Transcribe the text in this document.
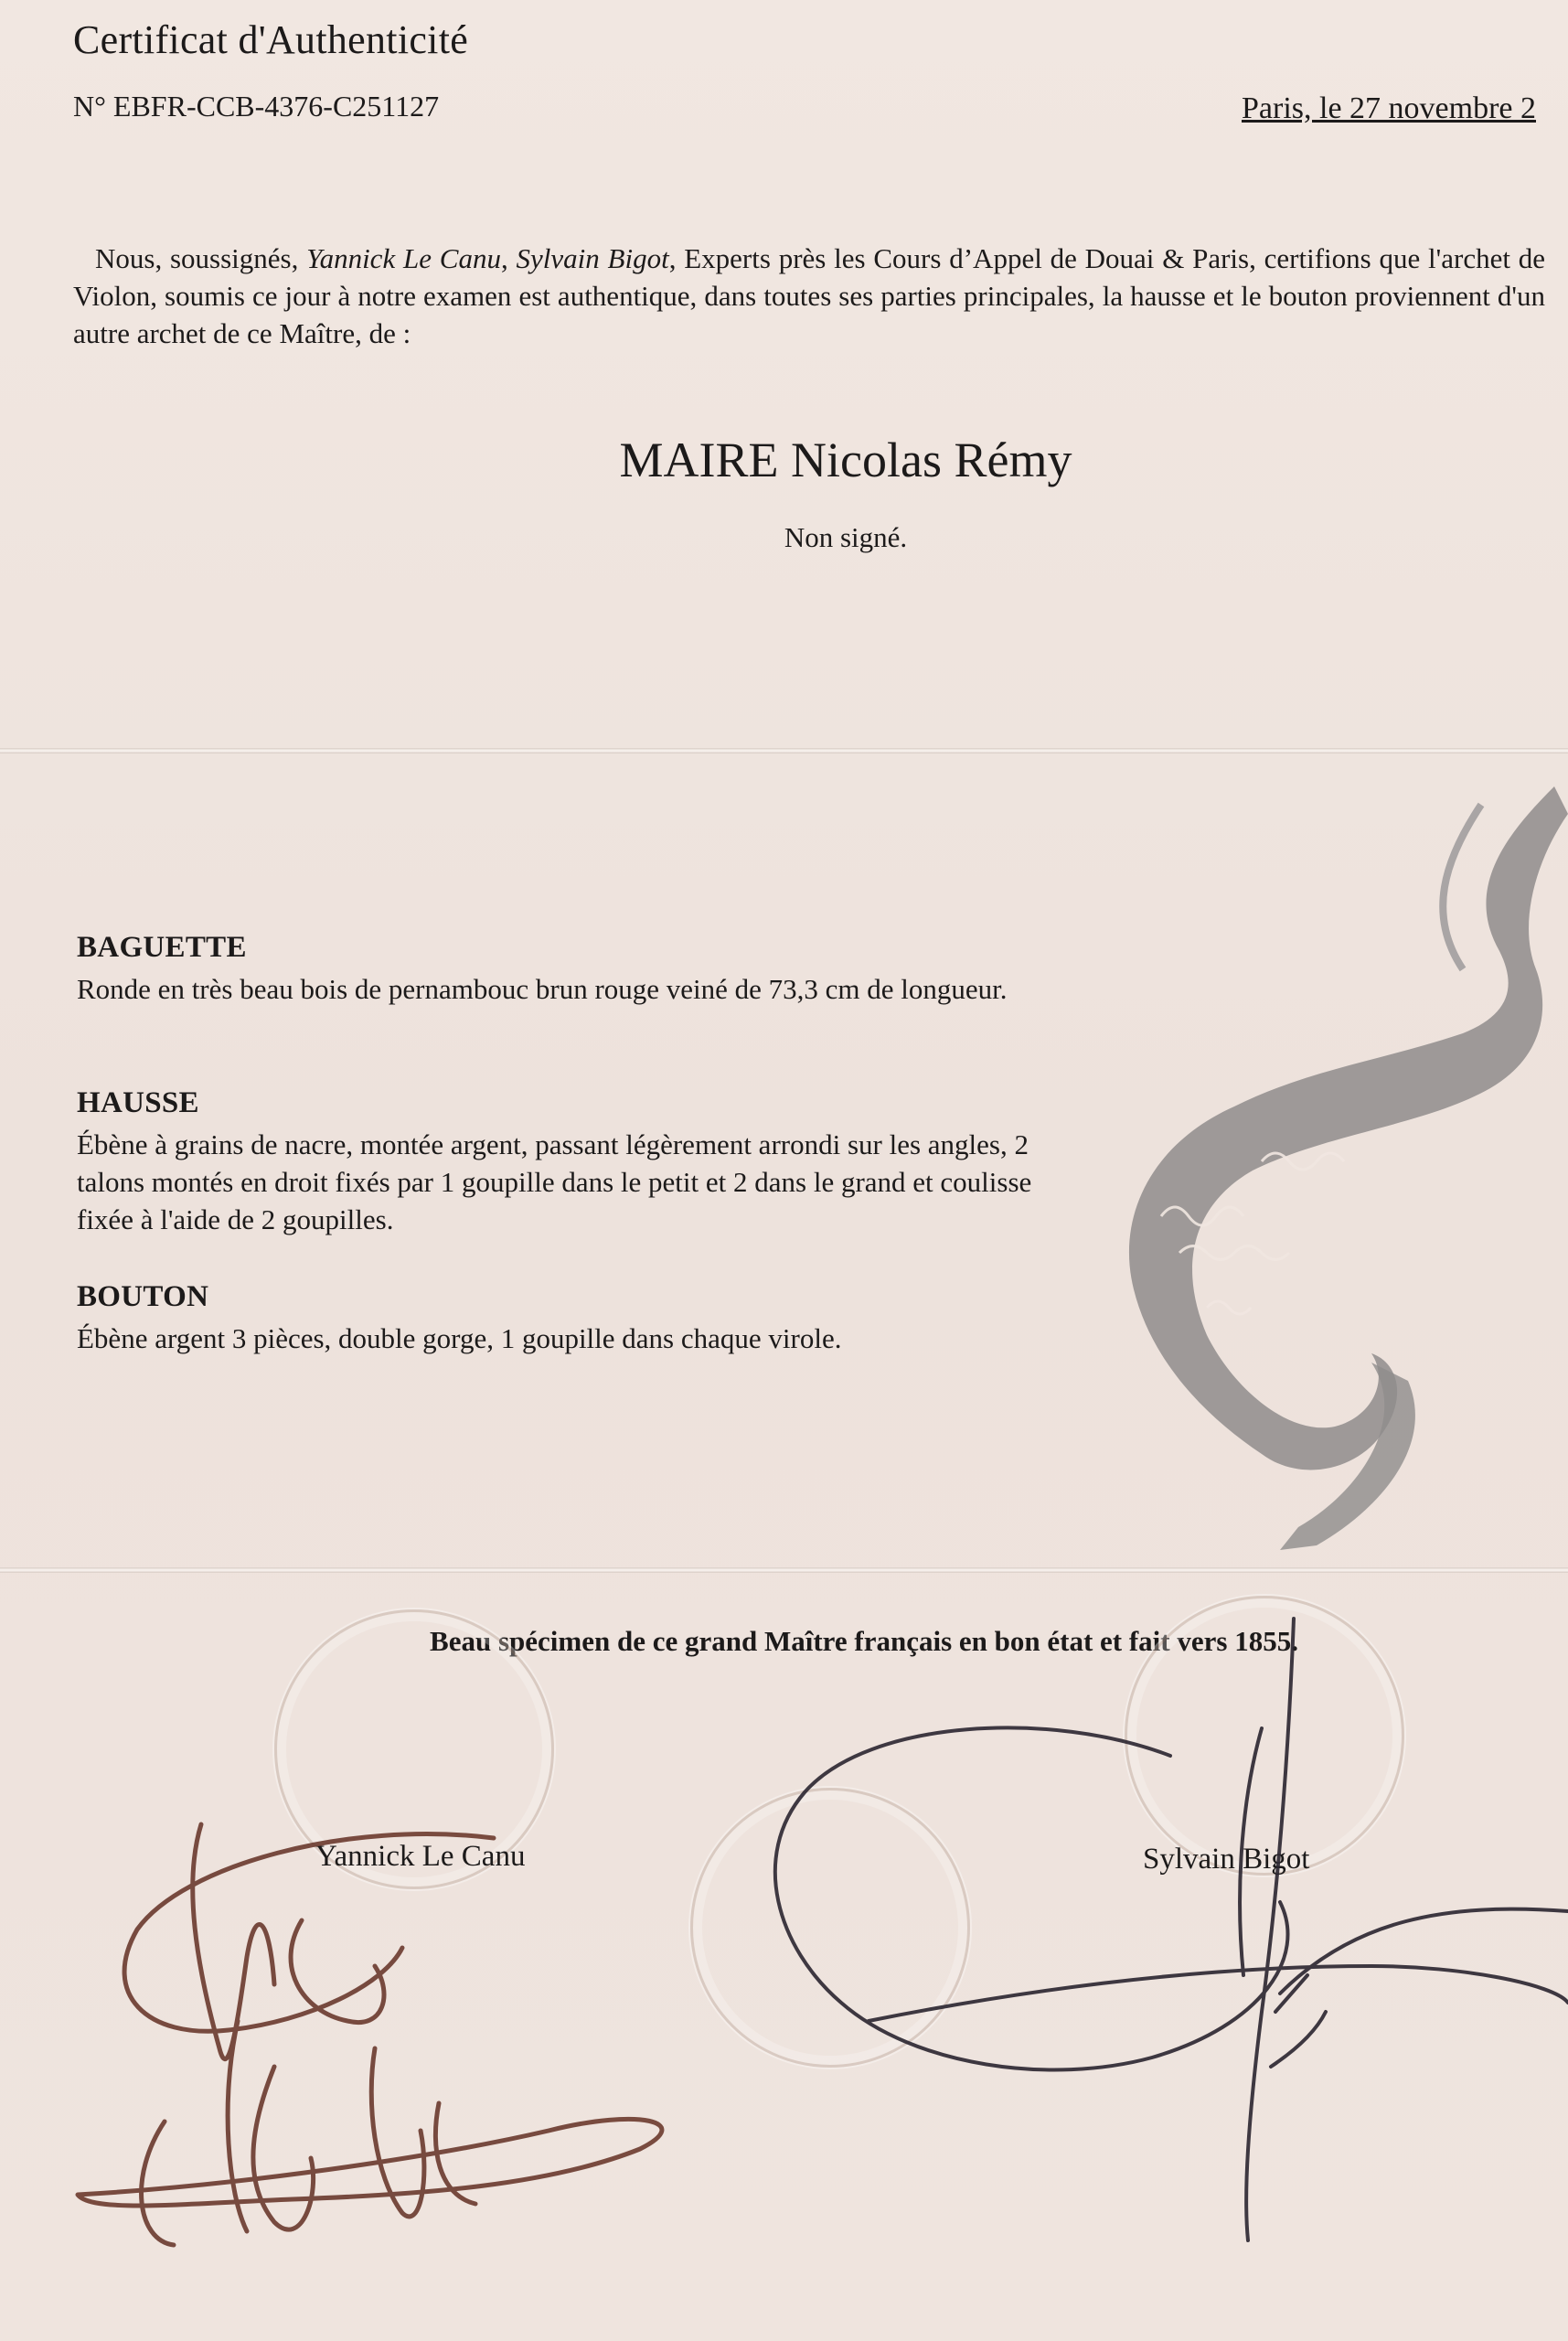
Certificat d'Authenticité
N° EBFR-CCB-4376-C251127	Paris, le 27 novembre 2
Nous, soussignés, Yannick Le Canu, Sylvain Bigot, Experts près les Cours d’Appel de Douai & Paris, certifions que l'archet de Violon, soumis ce jour à notre examen est authentique, dans toutes ses parties principales, la hausse et le bouton proviennent d'un autre archet de ce Maître, de :
MAIRE Nicolas Rémy
Non signé.
BAGUETTE
Ronde en très beau bois de pernambouc brun rouge veiné de 73,3 cm de longueur.
HAUSSE
Ébène à grains de nacre, montée argent, passant légèrement arrondi sur les angles, 2 talons montés en droit fixés par 1 goupille dans le petit et 2 dans le grand et coulisse fixée à l'aide de 2 goupilles.
BOUTON
Ébène argent 3 pièces, double gorge, 1 goupille dans chaque virole.
Beau spécimen de ce grand Maître français en bon état et fait vers 1855.
Yannick Le Canu	Sylvain Bigot
